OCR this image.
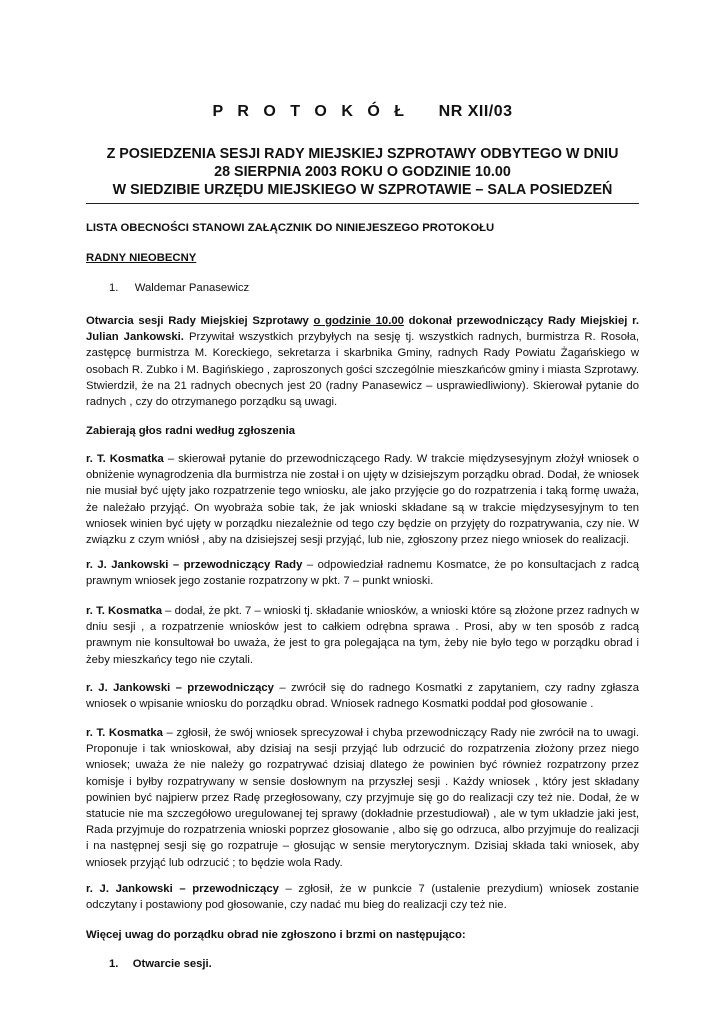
P R O T O K Ó Ł NR XII/03
Z POSIEDZENIA SESJI RADY MIEJSKIEJ SZPROTAWY ODBYTEGO W DNIU
28 SIERPNIA 2003 ROKU O GODZINIE 10.00
W SIEDZIBIE URZĘDU MIEJSKIEGO W SZPROTAWIE – SALA POSIEDZEŃ
LISTA OBECNOŚCI STANOWI ZAŁĄCZNIK DO NINIEJESZEGO PROTOKOŁU
RADNY NIEOBECNY
1. Waldemar Panasewicz
Otwarcia sesji Rady Miejskiej Szprotawy o godzinie 10.00 dokonał przewodniczący Rady Miejskiej r. Julian Jankowski. Przywitał wszystkich przybyłych na sesję tj. wszystkich radnych, burmistrza R. Rosoła, zastępcę burmistrza M. Koreckiego, sekretarza i skarbnika Gminy, radnych Rady Powiatu Żagańskiego w osobach R. Zubko i M. Bagińskiego , zaproszonych gości szczególnie mieszkańców gminy i miasta Szprotawy. Stwierdził, że na 21 radnych obecnych jest 20 (radny Panasewicz – usprawiedliwiony). Skierował pytanie do radnych , czy do otrzymanego porządku są uwagi.
Zabierają głos radni według zgłoszenia
r. T. Kosmatka – skierował pytanie do przewodniczącego Rady. W trakcie międzysesyjnym złożył wniosek o obniżenie wynagrodzenia dla burmistrza nie został i on ujęty w dzisiejszym porządku obrad. Dodał, że wniosek nie musiał być ujęty jako rozpatrzenie tego wniosku, ale jako przyjęcie go do rozpatrzenia i taką formę uważa, że należało przyjąć. On wyobraża sobie tak, że jak wnioski składane są w trakcie międzysesyjnym to ten wniosek winien być ujęty w porządku niezależnie od tego czy będzie on przyjęty do rozpatrywania, czy nie. W związku z czym wniósł , aby na dzisiejszej sesji przyjąć, lub nie, zgłoszony przez niego wniosek do realizacji.
r. J. Jankowski – przewodniczący Rady – odpowiedział radnemu Kosmatce, że po konsultacjach z radcą prawnym wniosek jego zostanie rozpatrzony w pkt. 7 – punkt wnioski.
r. T. Kosmatka – dodał, że pkt. 7 – wnioski tj. składanie wniosków, a wnioski które są złożone przez radnych w dniu sesji , a rozpatrzenie wniosków jest to całkiem odrębna sprawa . Prosi, aby w ten sposób z radcą prawnym nie konsultował bo uważa, że jest to gra polegająca na tym, żeby nie było tego w porządku obrad i żeby mieszkańcy tego nie czytali.
r. J. Jankowski – przewodniczący – zwrócił się do radnego Kosmatki z zapytaniem, czy radny zgłasza wniosek o wpisanie wniosku do porządku obrad. Wniosek radnego Kosmatki poddał pod głosowanie .
r. T. Kosmatka – zgłosił, że swój wniosek sprecyzował i chyba przewodniczący Rady nie zwrócił na to uwagi. Proponuje i tak wnioskował, aby dzisiaj na sesji przyjąć lub odrzucić do rozpatrzenia złożony przez niego wniosek; uważa że nie należy go rozpatrywać dzisiaj dlatego że powinien być również rozpatrzony przez komisje i byłby rozpatrywany w sensie dosłownym na przyszłej sesji . Każdy wniosek , który jest składany powinien być najpierw przez Radę przegłosowany, czy przyjmuje się go do realizacji czy też nie. Dodał, że w statucie nie ma szczegółowo uregulowanej tej sprawy (dokładnie przestudiował) , ale w tym układzie jaki jest, Rada przyjmuje do rozpatrzenia wnioski poprzez głosowanie , albo się go odrzuca, albo przyjmuje do realizacji i na następnej sesji się go rozpatruje – głosując w sensie merytorycznym. Dzisiaj składa taki wniosek, aby wniosek przyjąć lub odrzucić ; to będzie wola Rady.
r. J. Jankowski – przewodniczący – zgłosił, że w punkcie 7 (ustalenie prezydium) wniosek zostanie odczytany i postawiony pod głosowanie, czy nadać mu bieg do realizacji czy też nie.
Więcej uwag do porządku obrad nie zgłoszono i brzmi on następująco:
1. Otwarcie sesji.
